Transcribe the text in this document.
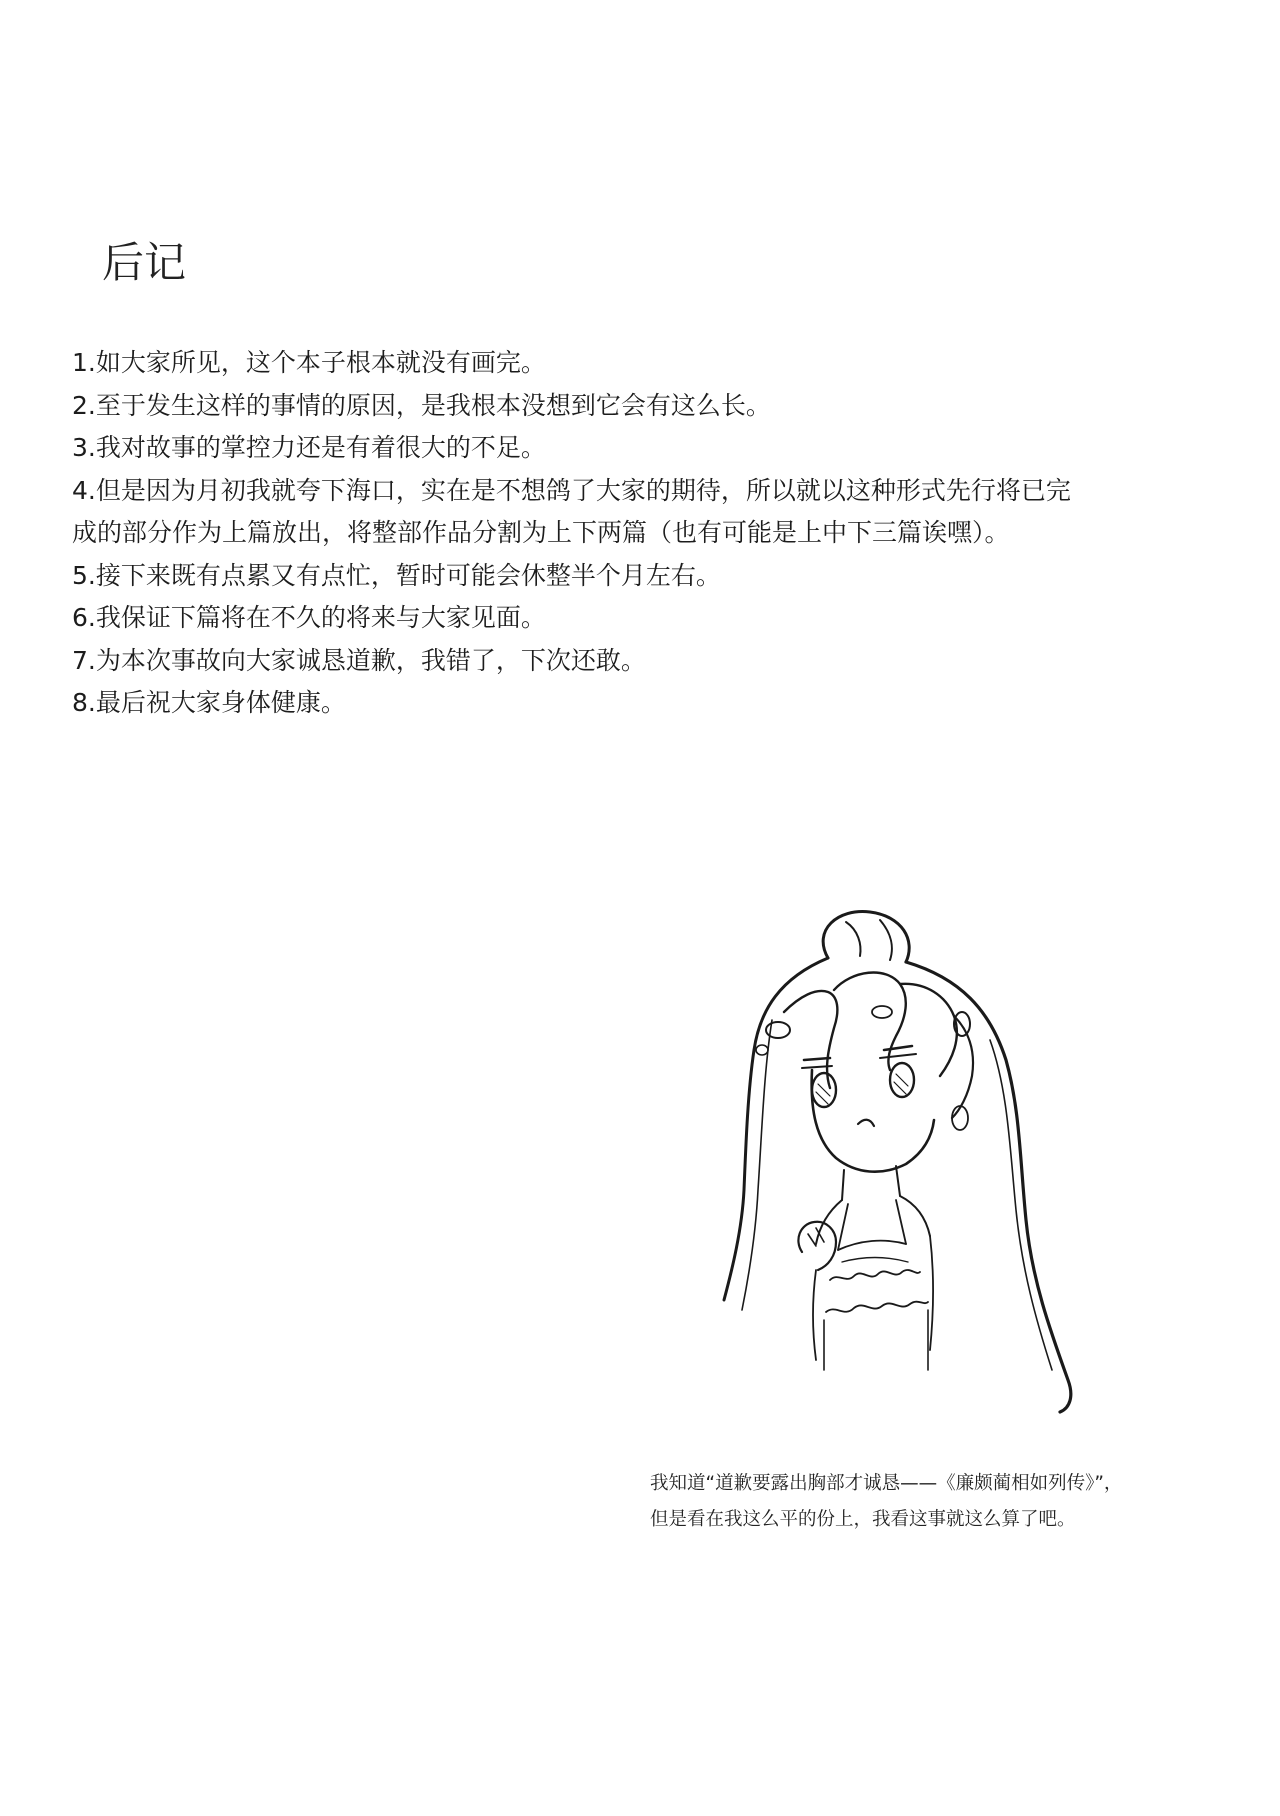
后记
1.如大家所见，这个本子根本就没有画完。
2.至于发生这样的事情的原因，是我根本没想到它会有这么长。
3.我对故事的掌控力还是有着很大的不足。
4.但是因为月初我就夸下海口，实在是不想鸽了大家的期待，所以就以这种形式先行将已完
成的部分作为上篇放出，将整部作品分割为上下两篇（也有可能是上中下三篇诶嘿）。
5.接下来既有点累又有点忙，暂时可能会休整半个月左右。
6.我保证下篇将在不久的将来与大家见面。
7.为本次事故向大家诚恳道歉，我错了，下次还敢。
8.最后祝大家身体健康。
我知道“道歉要露出胸部才诚恳——《廉颇蔺相如列传》”，
但是看在我这么平的份上，我看这事就这么算了吧。
